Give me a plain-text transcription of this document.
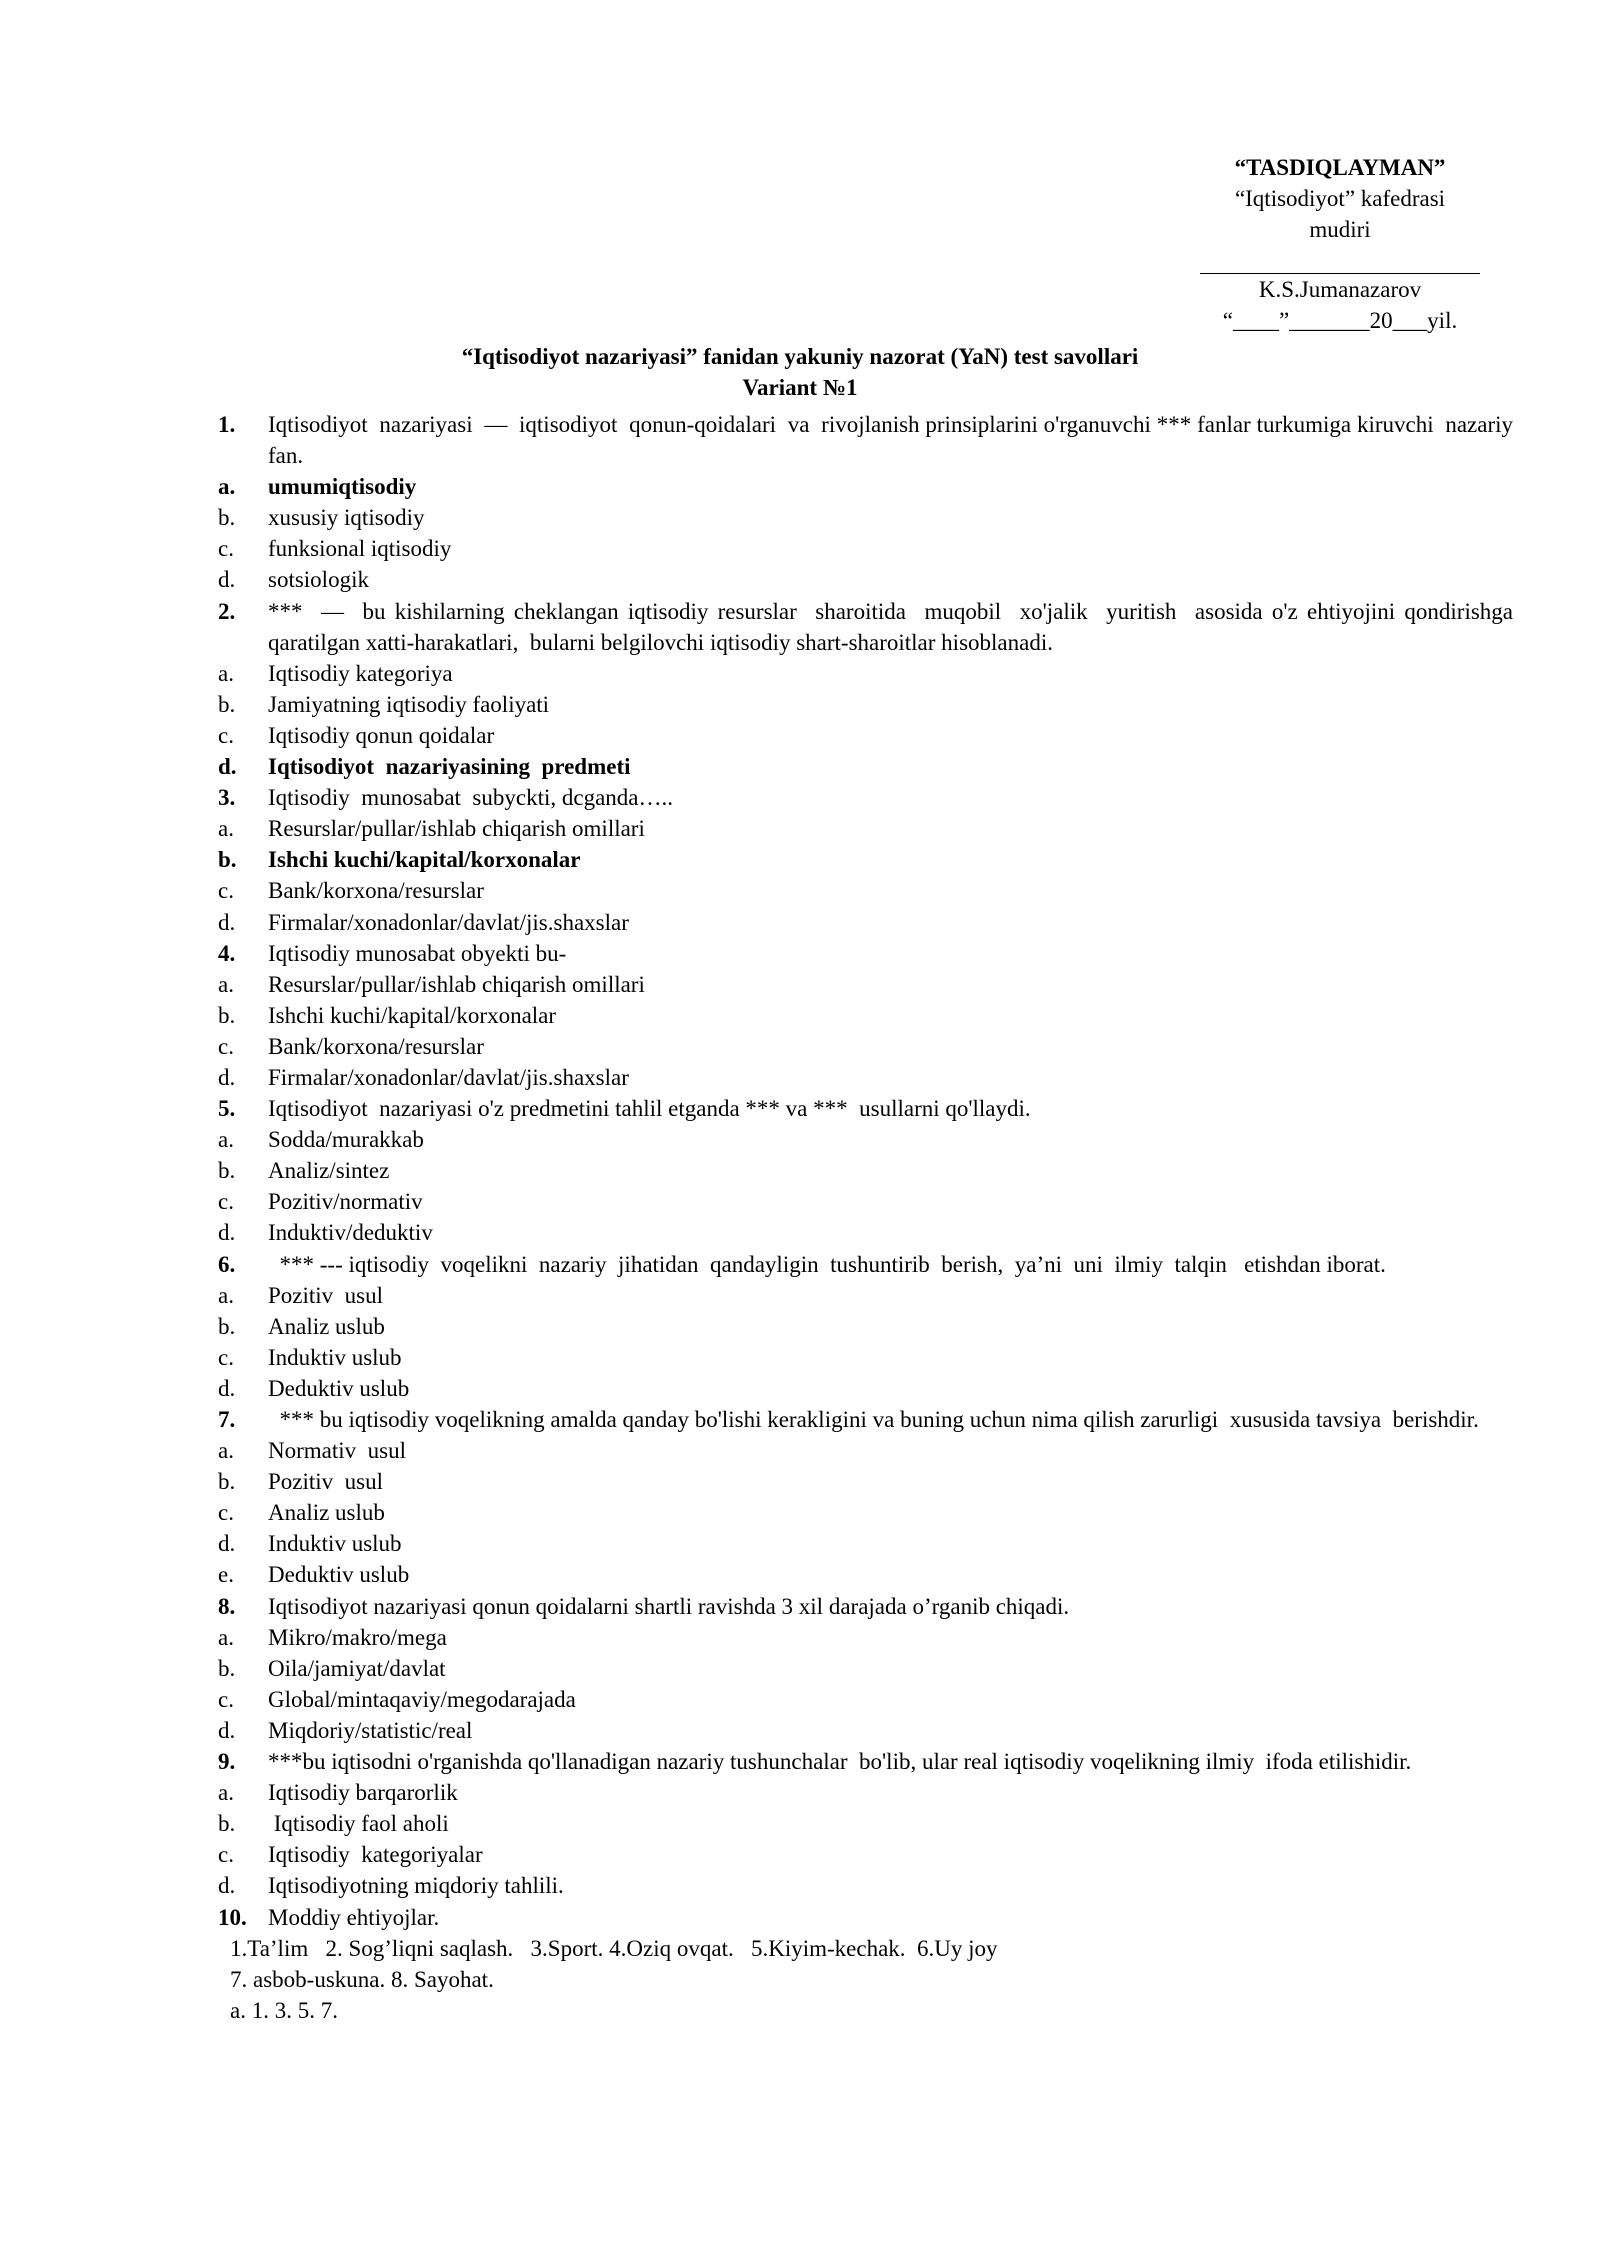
“TASDIQLAYMAN”
“Iqtisodiyot” kafedrasi
mudiri
K.S.Jumanazarov
“____”_______20___yil.
“Iqtisodiyot nazariyasi” fanidan yakuniy nazorat (YaN) test savollari
Variant №1
1.	Iqtisodiyot  nazariyasi  —  iqtisodiyot  qonun-qoidalari  va  rivojlanish prinsiplarini o'rganuvchi *** fanlar turkumiga kiruvchi  nazariy  fan.
a.	umumiqtisodiy
b.	xususiy iqtisodiy
c.	funksional iqtisodiy
d.	sotsiologik
2.	***  —  bu kishilarning cheklangan iqtisodiy resurslar  sharoitida  muqobil  xo'jalik  yuritish  asosida o'z ehtiyojini qondirishga qaratilgan xatti-harakatlari,  bularni belgilovchi iqtisodiy shart-sharoitlar hisoblanadi.
a.	Iqtisodiy kategoriya
b.	Jamiyatning iqtisodiy faoliyati
c.	Iqtisodiy qonun qoidalar
d.	Iqtisodiyot  nazariyasining  predmeti
3.	Iqtisodiy  munosabat  subyckti, dcganda…..
a.	Resurslar/pullar/ishlab chiqarish omillari
b.	Ishchi kuchi/kapital/korxonalar
c.	Bank/korxona/resurslar
d.	Firmalar/xonadonlar/davlat/jis.shaxslar
4.	Iqtisodiy munosabat obyekti bu-
a.	Resurslar/pullar/ishlab chiqarish omillari
b.	Ishchi kuchi/kapital/korxonalar
c.	Bank/korxona/resurslar
d.	Firmalar/xonadonlar/davlat/jis.shaxslar
5.	Iqtisodiyot  nazariyasi o'z predmetini tahlil etganda *** va ***  usullarni qo'llaydi.
a.	Sodda/murakkab
b.	Analiz/sintez
c.	Pozitiv/normativ
d.	Induktiv/deduktiv
6.	*** --- iqtisodiy  voqelikni  nazariy  jihatidan  qandayligin  tushuntirib  berish,  ya’ni  uni  ilmiy  talqin   etishdan iborat.
a.	Pozitiv  usul
b.	Analiz uslub
c.	Induktiv uslub
d.	Deduktiv uslub
7.	*** bu iqtisodiy voqelikning amalda qanday bo'lishi kerakligini va buning uchun nima qilish zarurligi  xususida tavsiya  berishdir.
a.	Normativ  usul
b.	Pozitiv  usul
c.	Analiz uslub
d.	Induktiv uslub
e.	Deduktiv uslub
8.	Iqtisodiyot nazariyasi qonun qoidalarni shartli ravishda 3 xil darajada o’rganib chiqadi.
a.	Mikro/makro/mega
b.	Oila/jamiyat/davlat
c.	Global/mintaqaviy/megodarajada
d.	Miqdoriy/statistic/real
9.	***bu iqtisodni o'rganishda qo'llanadigan nazariy tushunchalar  bo'lib, ular real iqtisodiy voqelikning ilmiy  ifoda etilishidir.
a.	Iqtisodiy barqarorlik
b.	Iqtisodiy faol aholi
c.	Iqtisodiy  kategoriyalar
d.	Iqtisodiyotning miqdoriy tahlili.
10. Moddiy ehtiyojlar.
1.Ta’lim   2. Sog’liqni saqlash.   3.Sport. 4.Oziq ovqat.   5.Kiyim-kechak.  6.Uy joy
7. asbob-uskuna. 8. Sayohat.
a. 1. 3. 5. 7.
